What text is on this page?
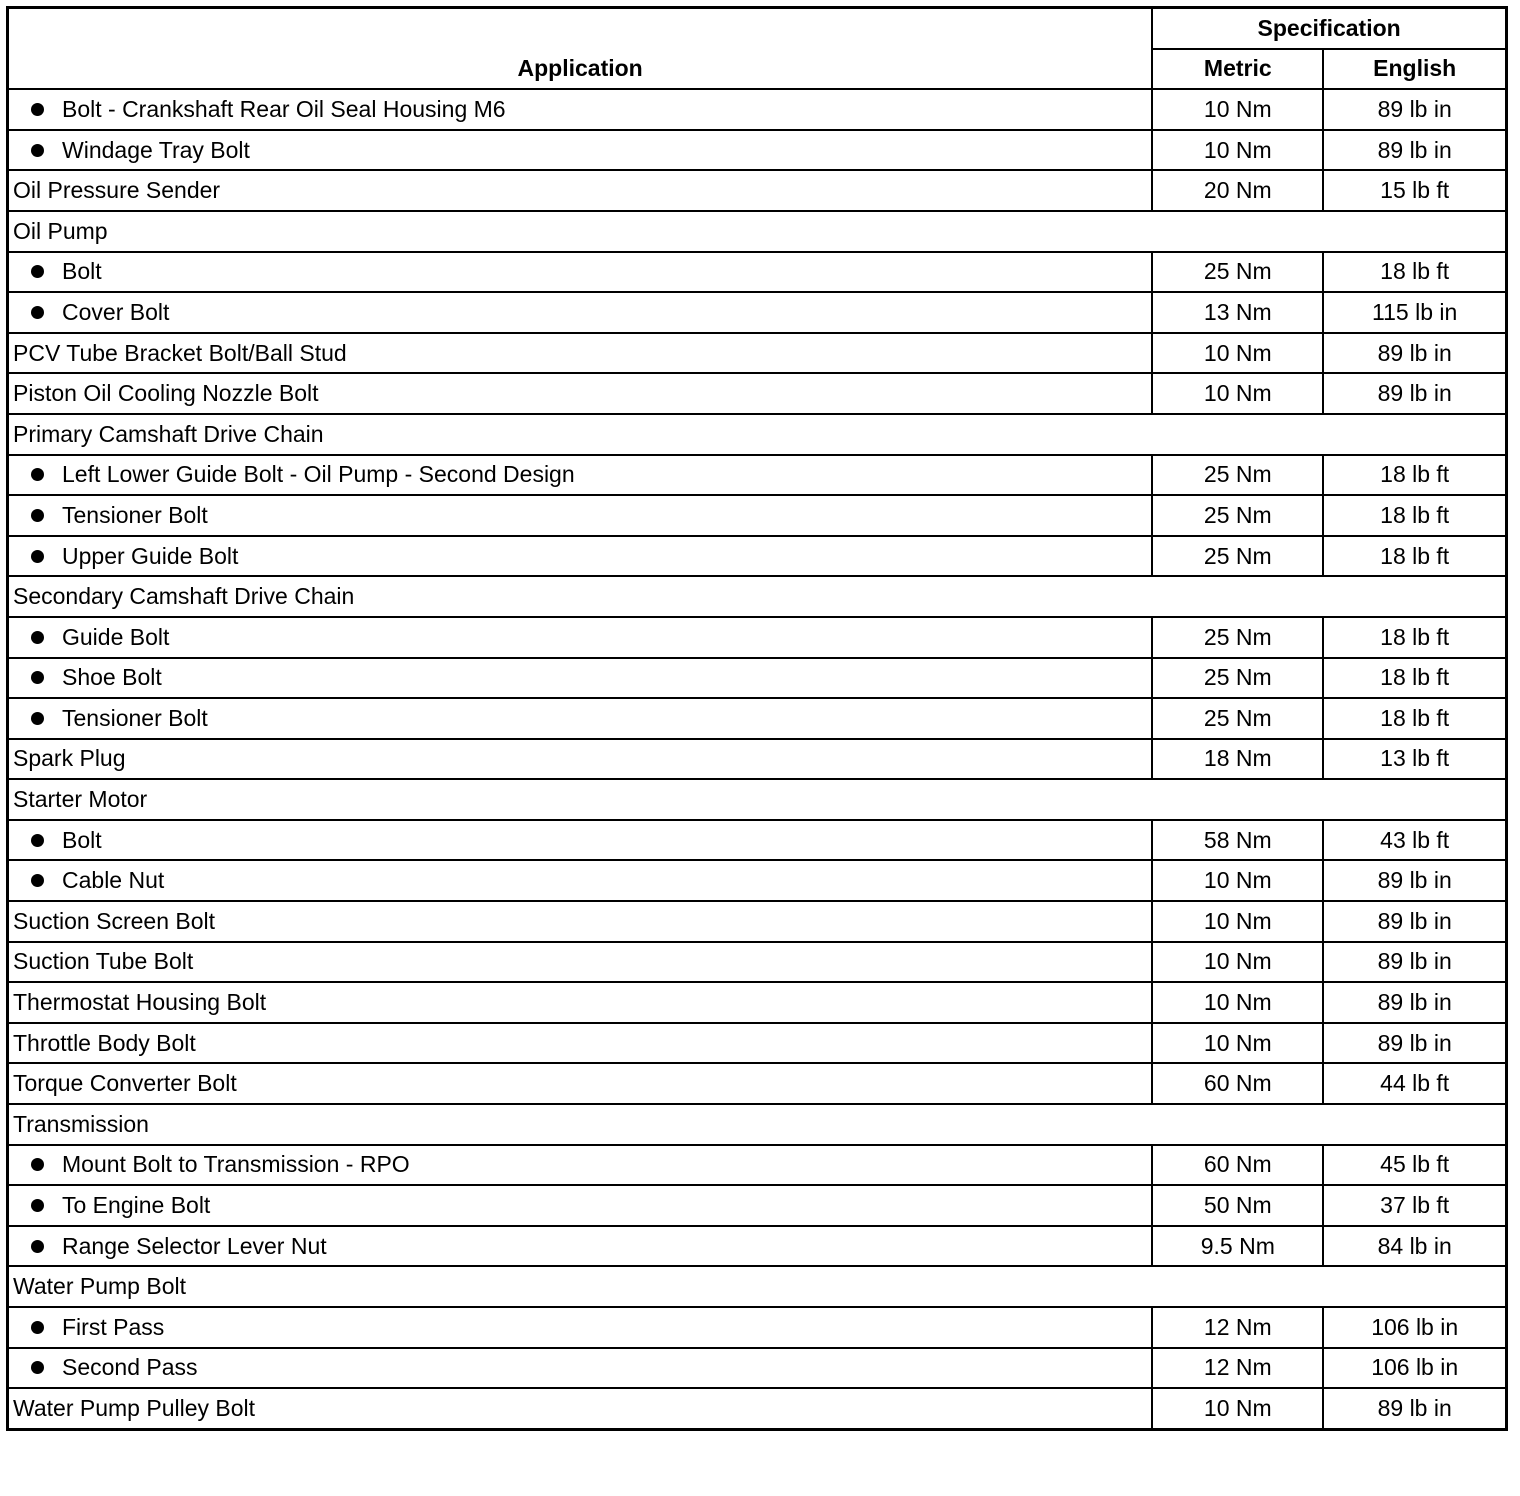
Application	Specification	
	Metric	English
Bolt - Crankshaft Rear Oil Seal Housing M6	10 Nm	89 lb in
Windage Tray Bolt	10 Nm	89 lb in
Oil Pressure Sender	20 Nm	15 lb ft
Oil Pump		
Bolt	25 Nm	18 lb ft
Cover Bolt	13 Nm	115 lb in
PCV Tube Bracket Bolt/Ball Stud	10 Nm	89 lb in
Piston Oil Cooling Nozzle Bolt	10 Nm	89 lb in
Primary Camshaft Drive Chain		
Left Lower Guide Bolt - Oil Pump - Second Design	25 Nm	18 lb ft
Tensioner Bolt	25 Nm	18 lb ft
Upper Guide Bolt	25 Nm	18 lb ft
Secondary Camshaft Drive Chain		
Guide Bolt	25 Nm	18 lb ft
Shoe Bolt	25 Nm	18 lb ft
Tensioner Bolt	25 Nm	18 lb ft
Spark Plug	18 Nm	13 lb ft
Starter Motor		
Bolt	58 Nm	43 lb ft
Cable Nut	10 Nm	89 lb in
Suction Screen Bolt	10 Nm	89 lb in
Suction Tube Bolt	10 Nm	89 lb in
Thermostat Housing Bolt	10 Nm	89 lb in
Throttle Body Bolt	10 Nm	89 lb in
Torque Converter Bolt	60 Nm	44 lb ft
Transmission		
Mount Bolt to Transmission - RPO	60 Nm	45 lb ft
To Engine Bolt	50 Nm	37 lb ft
Range Selector Lever Nut	9.5 Nm	84 lb in
Water Pump Bolt		
First Pass	12 Nm	106 lb in
Second Pass	12 Nm	106 lb in
Water Pump Pulley Bolt	10 Nm	89 lb in
